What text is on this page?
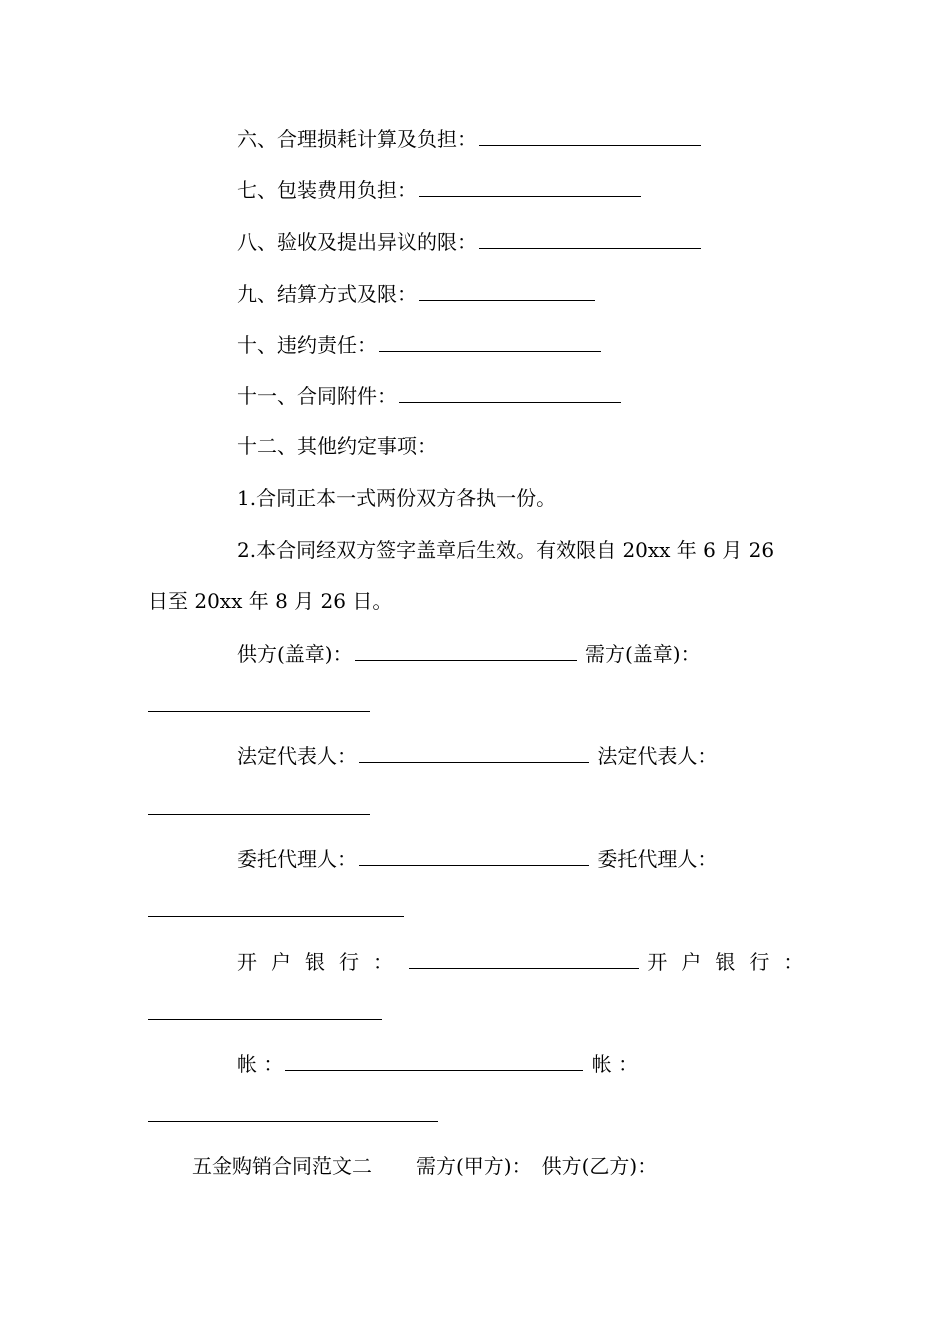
六、合理损耗计算及负担：
七、包装费用负担：
八、验收及提出异议的限：
九、结算方式及限：
十、违约责任：
十一、合同附件：
十二、其他约定事项：
1.合同正本一式两份双方各执一份。
2.本合同经双方签字盖章后生效。有效限自 20xx 年 6 月 26
日至 20xx 年 8 月 26 日。
供方(盖章)：	需方(盖章)：
法定代表人：	法定代表人：
委托代理人：	委托代理人：
开户银行：	开户银行：
帐 ：	帐 ：
五金购销合同范文二 需方(甲方)： 供方(乙方)：
